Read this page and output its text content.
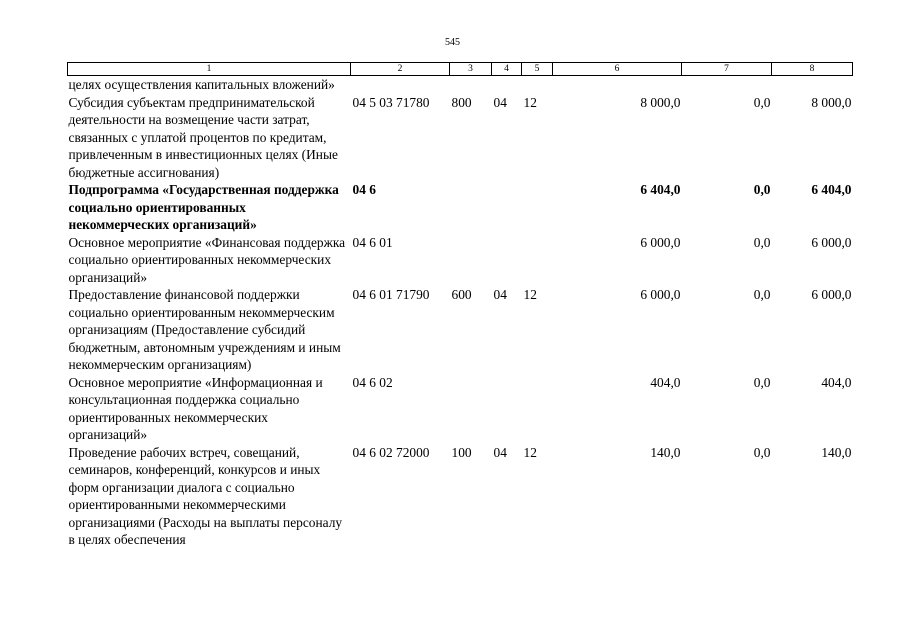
545
1	2	3	4	5	6	7	8
целях осуществления капитальных вложений»							
Субсидия субъектам предпринимательской деятельности на возмещение части затрат, связанных с уплатой процентов по кредитам, привлеченным в инвестиционных целях (Иные бюджетные ассигнования)	04 5 03 71780	800	04	12	8 000,0	0,0	8 000,0
Подпрограмма «Государственная поддержка социально ориентированных некоммерческих организаций»	04 6				6 404,0	0,0	6 404,0
Основное мероприятие «Финансовая поддержка социально ориентированных некоммерческих организаций»	04 6 01				6 000,0	0,0	6 000,0
Предоставление финансовой поддержки социально ориентированным некоммерческим организациям (Предоставление субсидий бюджетным, автономным учреждениям и иным некоммерческим организациям)	04 6 01 71790	600	04	12	6 000,0	0,0	6 000,0
Основное мероприятие «Информационная и консультационная поддержка социально ориентированных некоммерческих организаций»	04 6 02				404,0	0,0	404,0
Проведение рабочих встреч, совещаний, семинаров, конференций, конкурсов и иных форм организации диалога с социально ориентированными некоммерческими организациями (Расходы на выплаты персоналу в целях обеспечения	04 6 02 72000	100	04	12	140,0	0,0	140,0
